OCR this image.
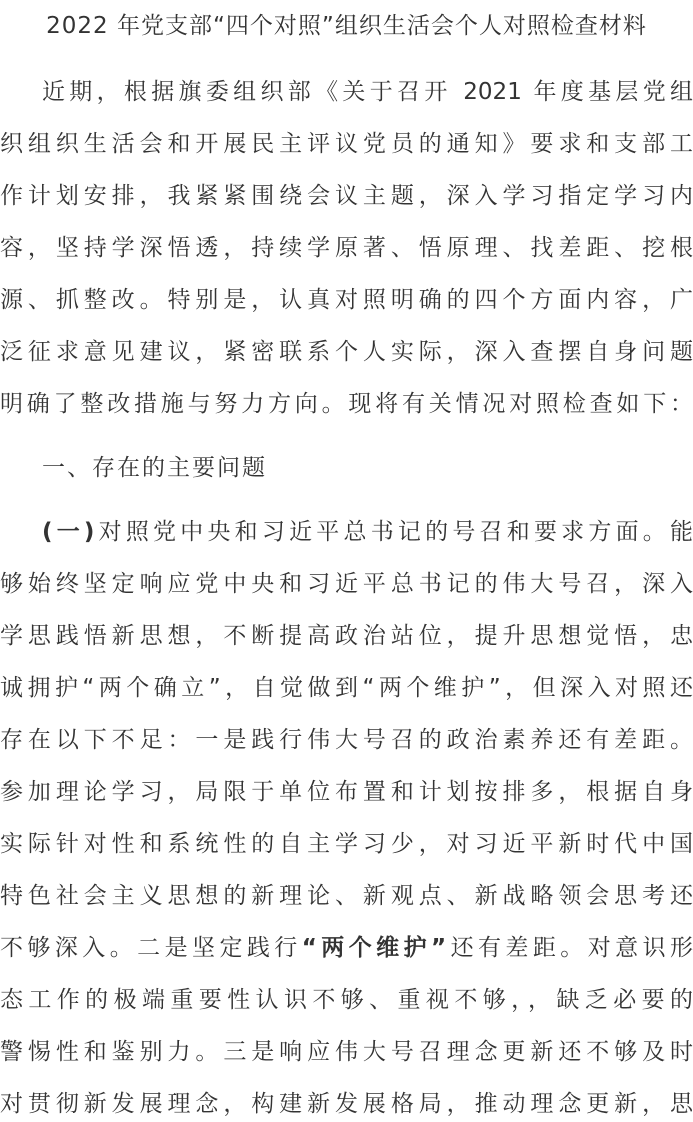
2022 年党支部“四个对照”组织生活会个人对照检查材料
近期，根据旗委组织部《关于召开 2021 年度基层党组
织组织生活会和开展民主评议党员的通知》要求和支部工
作计划安排，我紧紧围绕会议主题，深入学习指定学习内
容，坚持学深悟透，持续学原著、悟原理、找差距、挖根
源、抓整改。特别是，认真对照明确的四个方面内容，广
泛征求意见建议，紧密联系个人实际，深入查摆自身问题
明确了整改措施与努力方向。现将有关情况对照检查如下：
一、存在的主要问题
(一)对照党中央和习近平总书记的号召和要求方面。能
够始终坚定响应党中央和习近平总书记的伟大号召，深入
学思践悟新思想，不断提高政治站位，提升思想觉悟，忠
诚拥护“两个确立”，自觉做到“两个维护”，但深入对照还
存在以下不足：一是践行伟大号召的政治素养还有差距。
参加理论学习，局限于单位布置和计划按排多，根据自身
实际针对性和系统性的自主学习少，对习近平新时代中国
特色社会主义思想的新理论、新观点、新战略领会思考还
不够深入。二是坚定践行“两个维护”还有差距。对意识形
态工作的极端重要性认识不够、重视不够，，缺乏必要的
警惕性和鉴别力。三是响应伟大号召理念更新还不够及时
对贯彻新发展理念，构建新发展格局，推动理念更新，思
